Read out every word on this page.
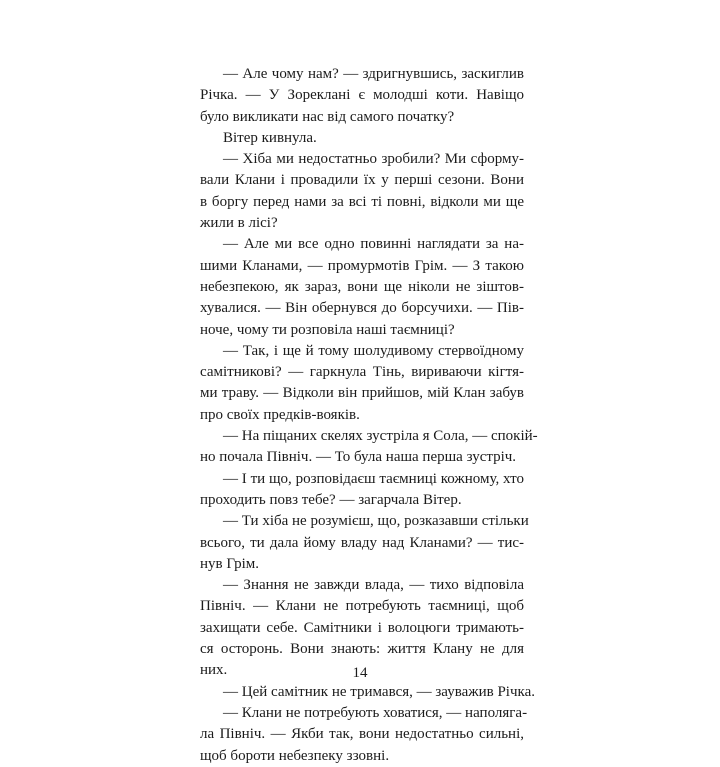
— Але чому нам? — здригнувшись, заскиглив
Річка. — У Зореклані є молодші коти. Навіщо
було викликати нас від самого початку?
Вітер кивнула.
— Хіба ми недостатньо зробили? Ми сформу-
вали Клани і провадили їх у перші сезони. Вони
в боргу перед нами за всі ті повні, відколи ми ще
жили в лісі?
— Але ми все одно повинні наглядати за на-
шими Кланами, — промурмотів Грім. — З такою
небезпекою, як зараз, вони ще ніколи не зіштов-
хувалися. — Він обернувся до борсучихи. — Пів-
ноче, чому ти розповіла наші таємниці?
— Так, і ще й тому шолудивому стервоїдному
самітникові? — гаркнула Тінь, вириваючи кігтя-
ми траву. — Відколи він прийшов, мій Клан забув
про своїх предків-вояків.
— На піщаних скелях зустріла я Сола, — спокій-
но почала Північ. — То була наша перша зустріч.
— І ти що, розповідаєш таємниці кожному, хто
проходить повз тебе? — загарчала Вітер.
— Ти хіба не розумієш, що, розказавши стільки
всього, ти дала йому владу над Кланами? — тис-
нув Грім.
— Знання не завжди влада, — тихо відповіла
Північ. — Клани не потребують таємниці, щоб
захищати себе. Самітники і волоцюги тримають-
ся осторонь. Вони знають: життя Клану не для
них.
— Цей самітник не тримався, — зауважив Річка.
— Клани не потребують ховатися, — наполяга-
ла Північ. — Якби так, вони недостатньо сильні,
щоб бороти небезпеку ззовні.
14
